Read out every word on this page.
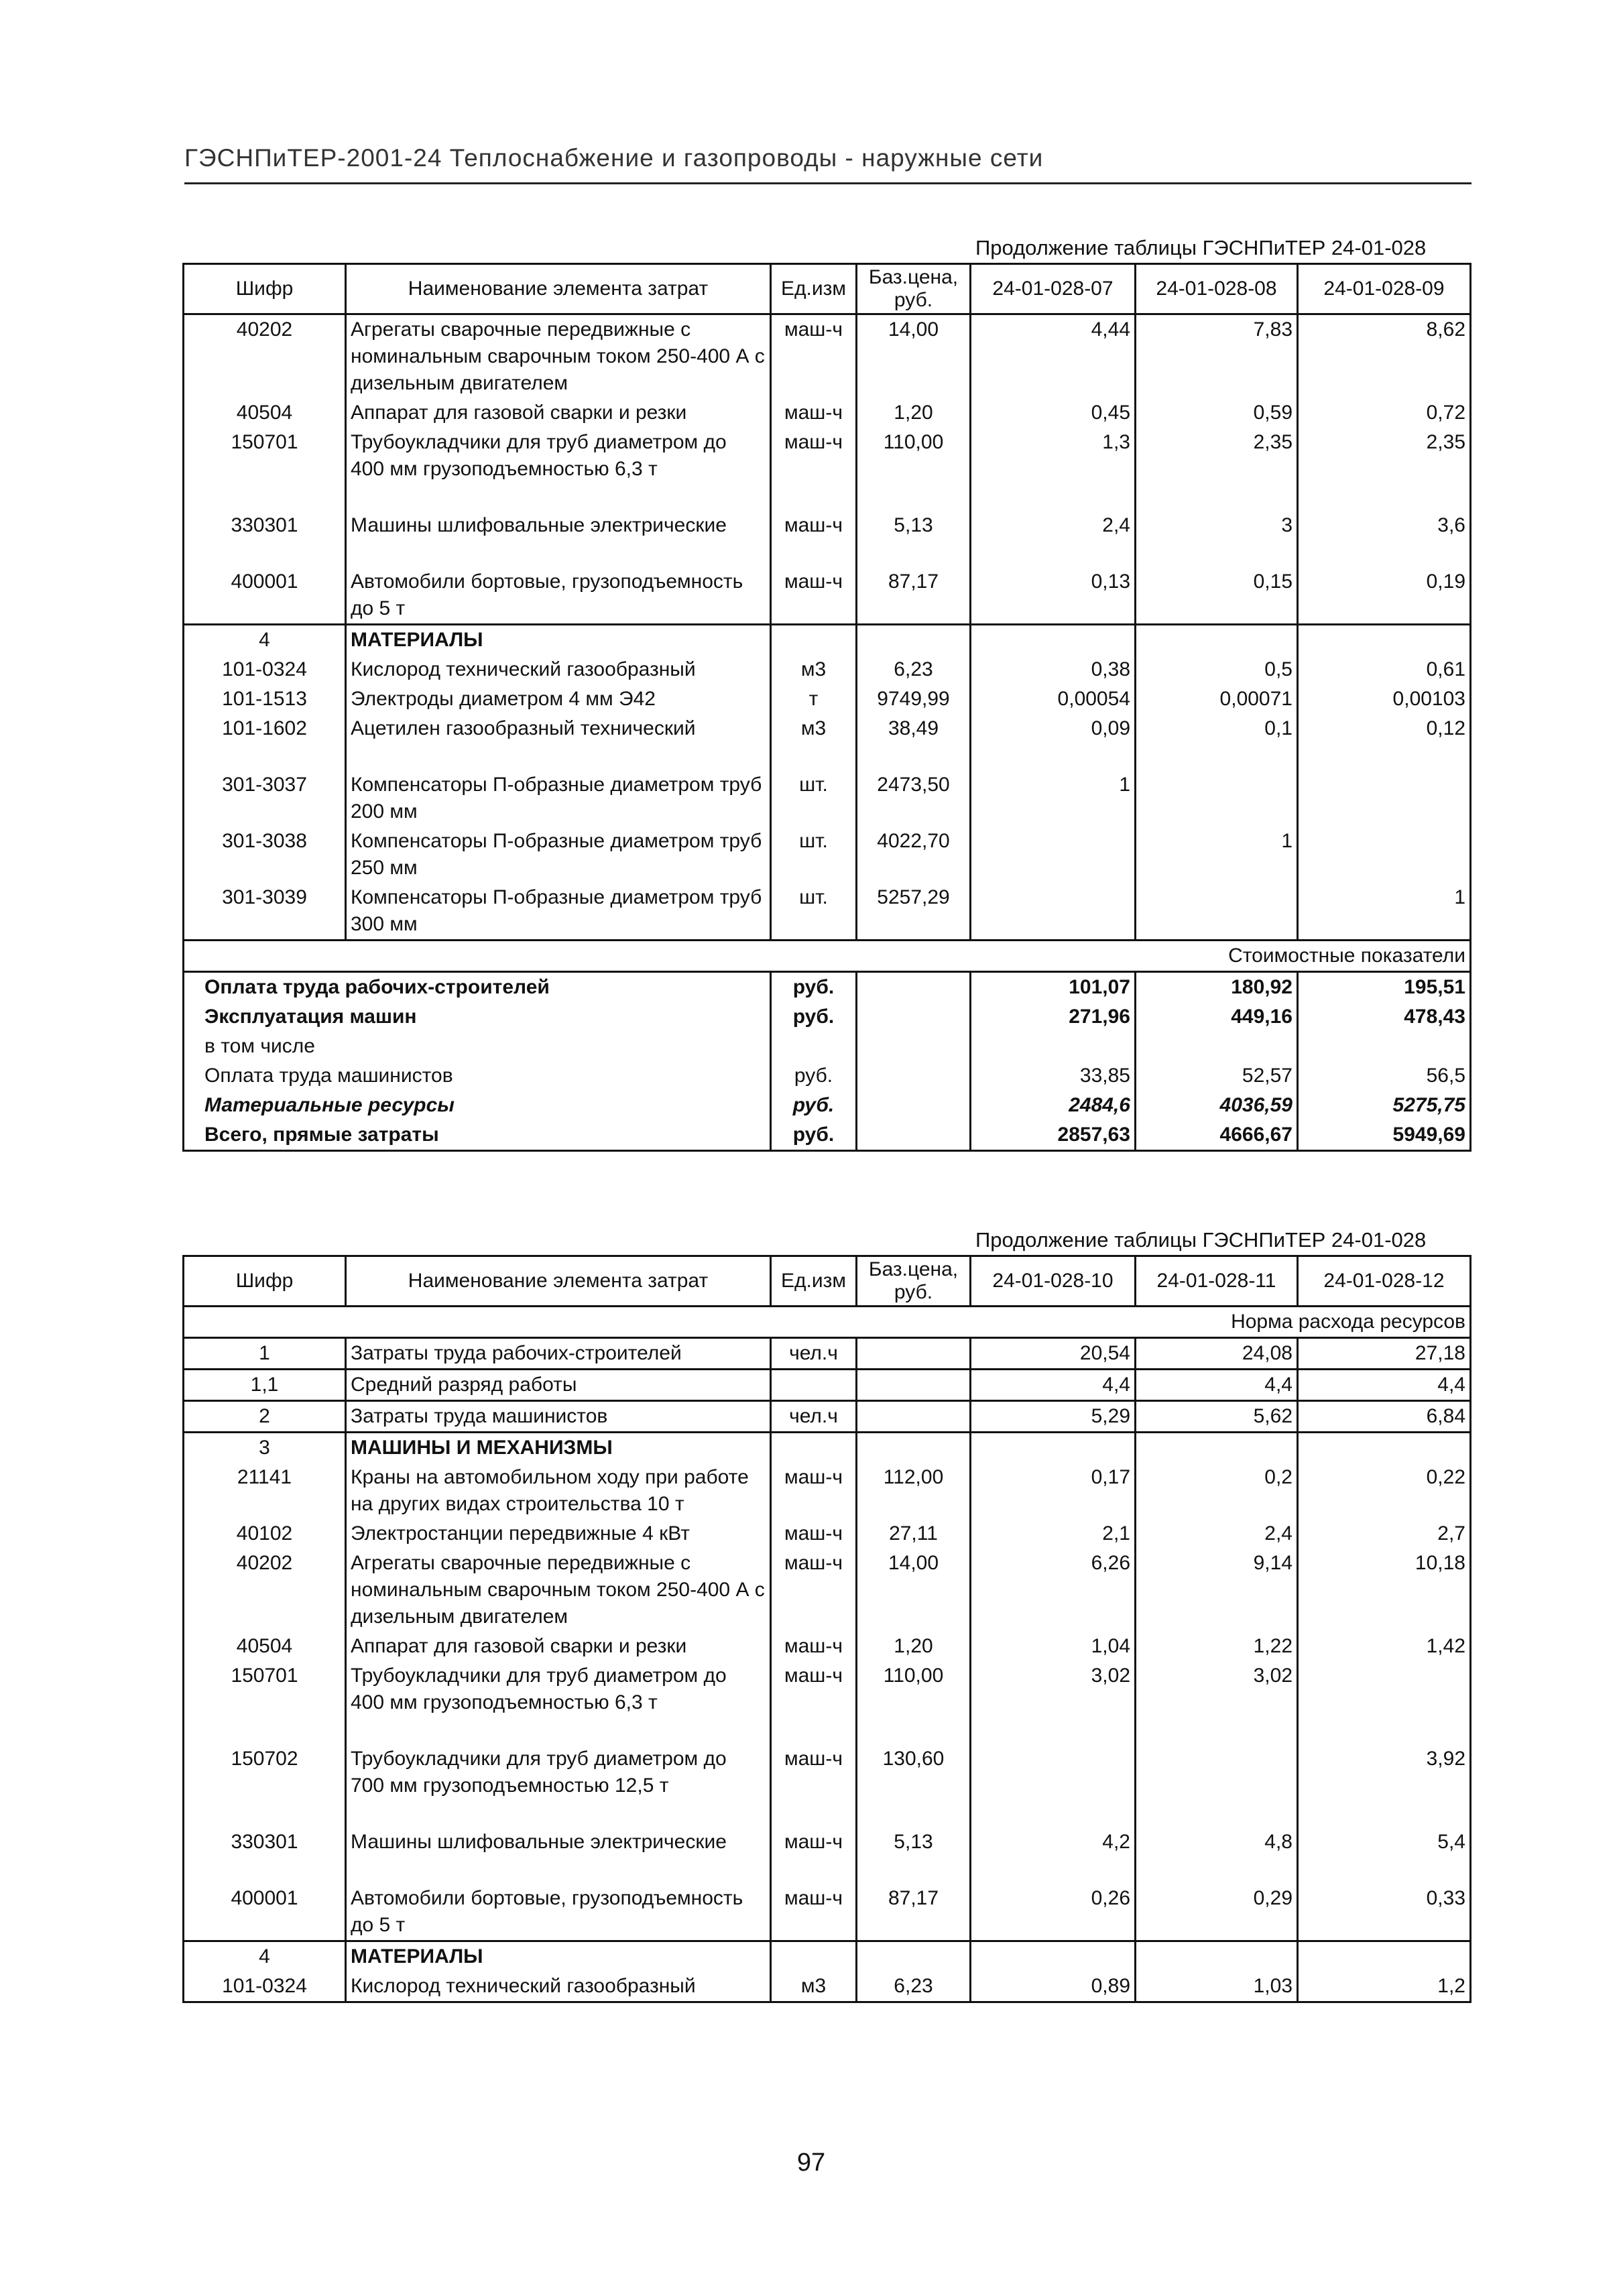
ГЭСНПиТЕР-2001-24 Теплоснабжение и газопроводы - наружные сети
Продолжение таблицы ГЭСНПиТЕР 24-01-028
Шифр	Наименование элемента затрат	Ед.изм	Баз.цена, руб.	24-01-028-07	24-01-028-08	24-01-028-09
40202	Агрегаты сварочные передвижные с номинальным сварочным током 250-400 А с дизельным двигателем	маш-ч	14,00	4,44	7,83	8,62
40504	Аппарат для газовой сварки и резки	маш-ч	1,20	0,45	0,59	0,72
150701	Трубоукладчики для труб диаметром до 400 мм грузоподъемностью 6,3 т	маш-ч	110,00	1,3	2,35	2,35
330301	Машины шлифовальные электрические	маш-ч	5,13	2,4	3	3,6
400001	Автомобили бортовые, грузоподъемность до 5 т	маш-ч	87,17	0,13	0,15	0,19
4	МАТЕРИАЛЫ					
101-0324	Кислород технический газообразный	м3	6,23	0,38	0,5	0,61
101-1513	Электроды диаметром 4 мм Э42	т	9749,99	0,00054	0,00071	0,00103
101-1602	Ацетилен газообразный технический	м3	38,49	0,09	0,1	0,12
301-3037	Компенсаторы П-образные диаметром труб 200 мм	шт.	2473,50	1		
301-3038	Компенсаторы П-образные диаметром труб 250 мм	шт.	4022,70		1	
301-3039	Компенсаторы П-образные диаметром труб 300 мм	шт.	5257,29			1
Стоимостные показатели						
Оплата труда рабочих-строителей		руб.		101,07	180,92	195,51
Эксплуатация машин		руб.		271,96	449,16	478,43
в том числе						
Оплата труда машинистов		руб.		33,85	52,57	56,5
Материальные ресурсы		руб.		2484,6	4036,59	5275,75
Всего, прямые затраты		руб.		2857,63	4666,67	5949,69
Продолжение таблицы ГЭСНПиТЕР 24-01-028
Шифр	Наименование элемента затрат	Ед.изм	Баз.цена, руб.	24-01-028-10	24-01-028-11	24-01-028-12
Норма расхода ресурсов						
1	Затраты труда рабочих-строителей	чел.ч		20,54	24,08	27,18
1,1	Средний разряд работы			4,4	4,4	4,4
2	Затраты труда машинистов	чел.ч		5,29	5,62	6,84
3	МАШИНЫ И МЕХАНИЗМЫ					
21141	Краны на автомобильном ходу при работе на других видах строительства 10 т	маш-ч	112,00	0,17	0,2	0,22
40102	Электростанции передвижные 4 кВт	маш-ч	27,11	2,1	2,4	2,7
40202	Агрегаты сварочные передвижные с номинальным сварочным током 250-400 А с дизельным двигателем	маш-ч	14,00	6,26	9,14	10,18
40504	Аппарат для газовой сварки и резки	маш-ч	1,20	1,04	1,22	1,42
150701	Трубоукладчики для труб диаметром до 400 мм грузоподъемностью 6,3 т	маш-ч	110,00	3,02	3,02	
150702	Трубоукладчики для труб диаметром до 700 мм грузоподъемностью 12,5 т	маш-ч	130,60			3,92
330301	Машины шлифовальные электрические	маш-ч	5,13	4,2	4,8	5,4
400001	Автомобили бортовые, грузоподъемность до 5 т	маш-ч	87,17	0,26	0,29	0,33
4	МАТЕРИАЛЫ					
101-0324	Кислород технический газообразный	м3	6,23	0,89	1,03	1,2
97
